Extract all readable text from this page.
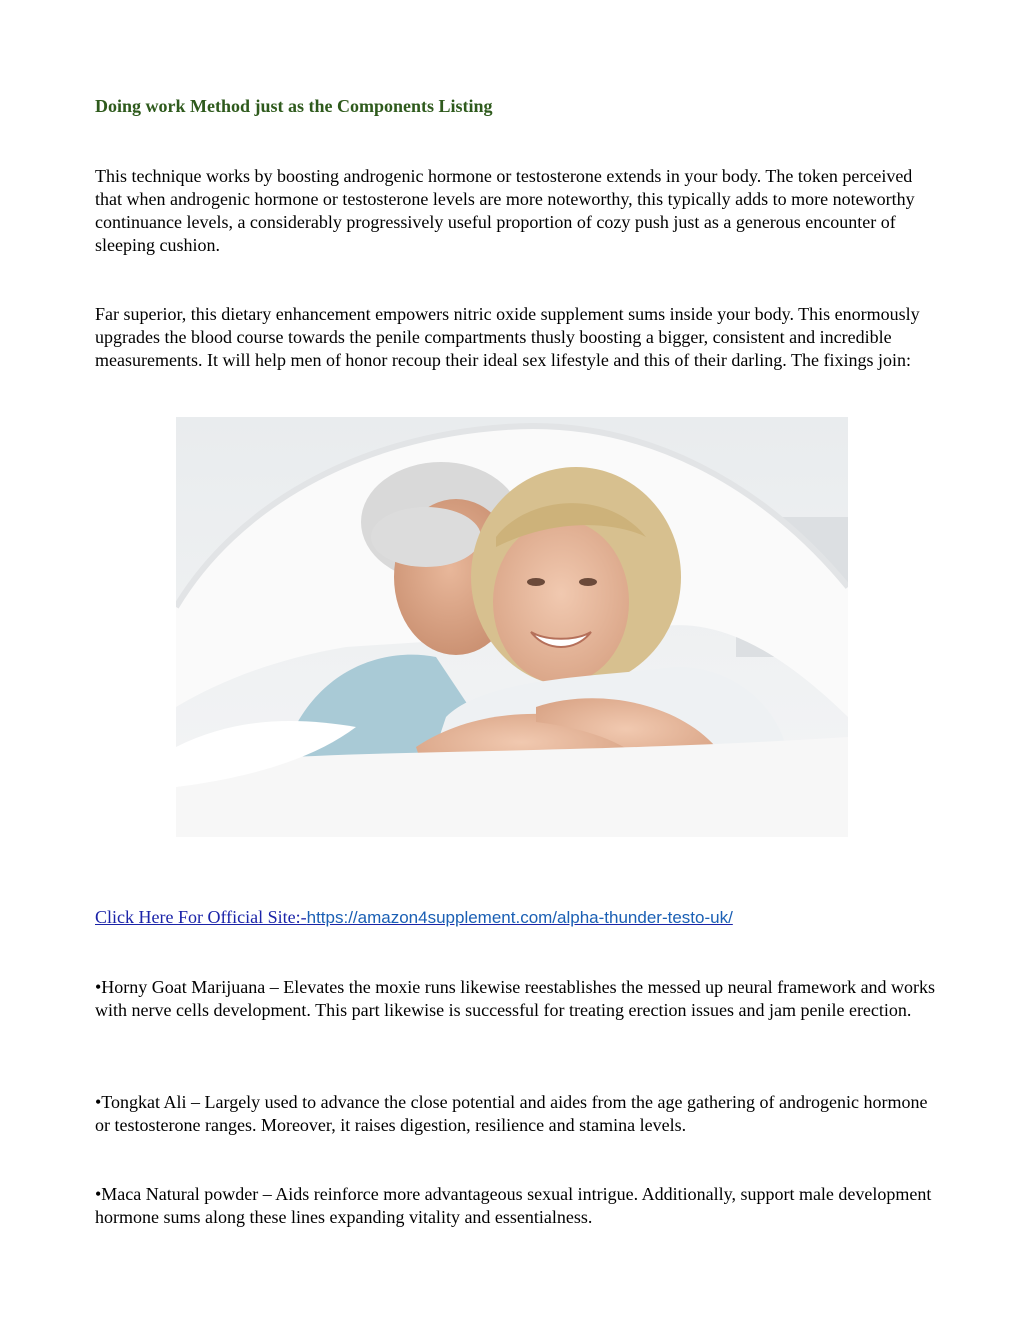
Doing work Method just as the Components Listing

This technique works by boosting androgenic hormone or testosterone extends in your body. The token perceived that when androgenic hormone or testosterone levels are more noteworthy, this typically adds to more noteworthy continuance levels, a considerably progressively useful proportion of cozy push just as a generous encounter of sleeping cushion.

Far superior, this dietary enhancement empowers nitric oxide supplement sums inside your body. This enormously upgrades the blood course towards the penile compartments thusly boosting a bigger, consistent and incredible measurements. It will help men of honor recoup their ideal sex lifestyle and this of their darling. The fixings join:

Click Here For Official Site:-https://amazon4supplement.com/alpha-thunder-testo-uk/

•Horny Goat Marijuana – Elevates the moxie runs likewise reestablishes the messed up neural framework and works with nerve cells development. This part likewise is successful for treating erection issues and jam penile erection.

•Tongkat Ali – Largely used to advance the close potential and aides from the age gathering of androgenic hormone or testosterone ranges. Moreover, it raises digestion, resilience and stamina levels.

•Maca Natural powder – Aids reinforce more advantageous sexual intrigue. Additionally, support male development hormone sums along these lines expanding vitality and essentialness.
